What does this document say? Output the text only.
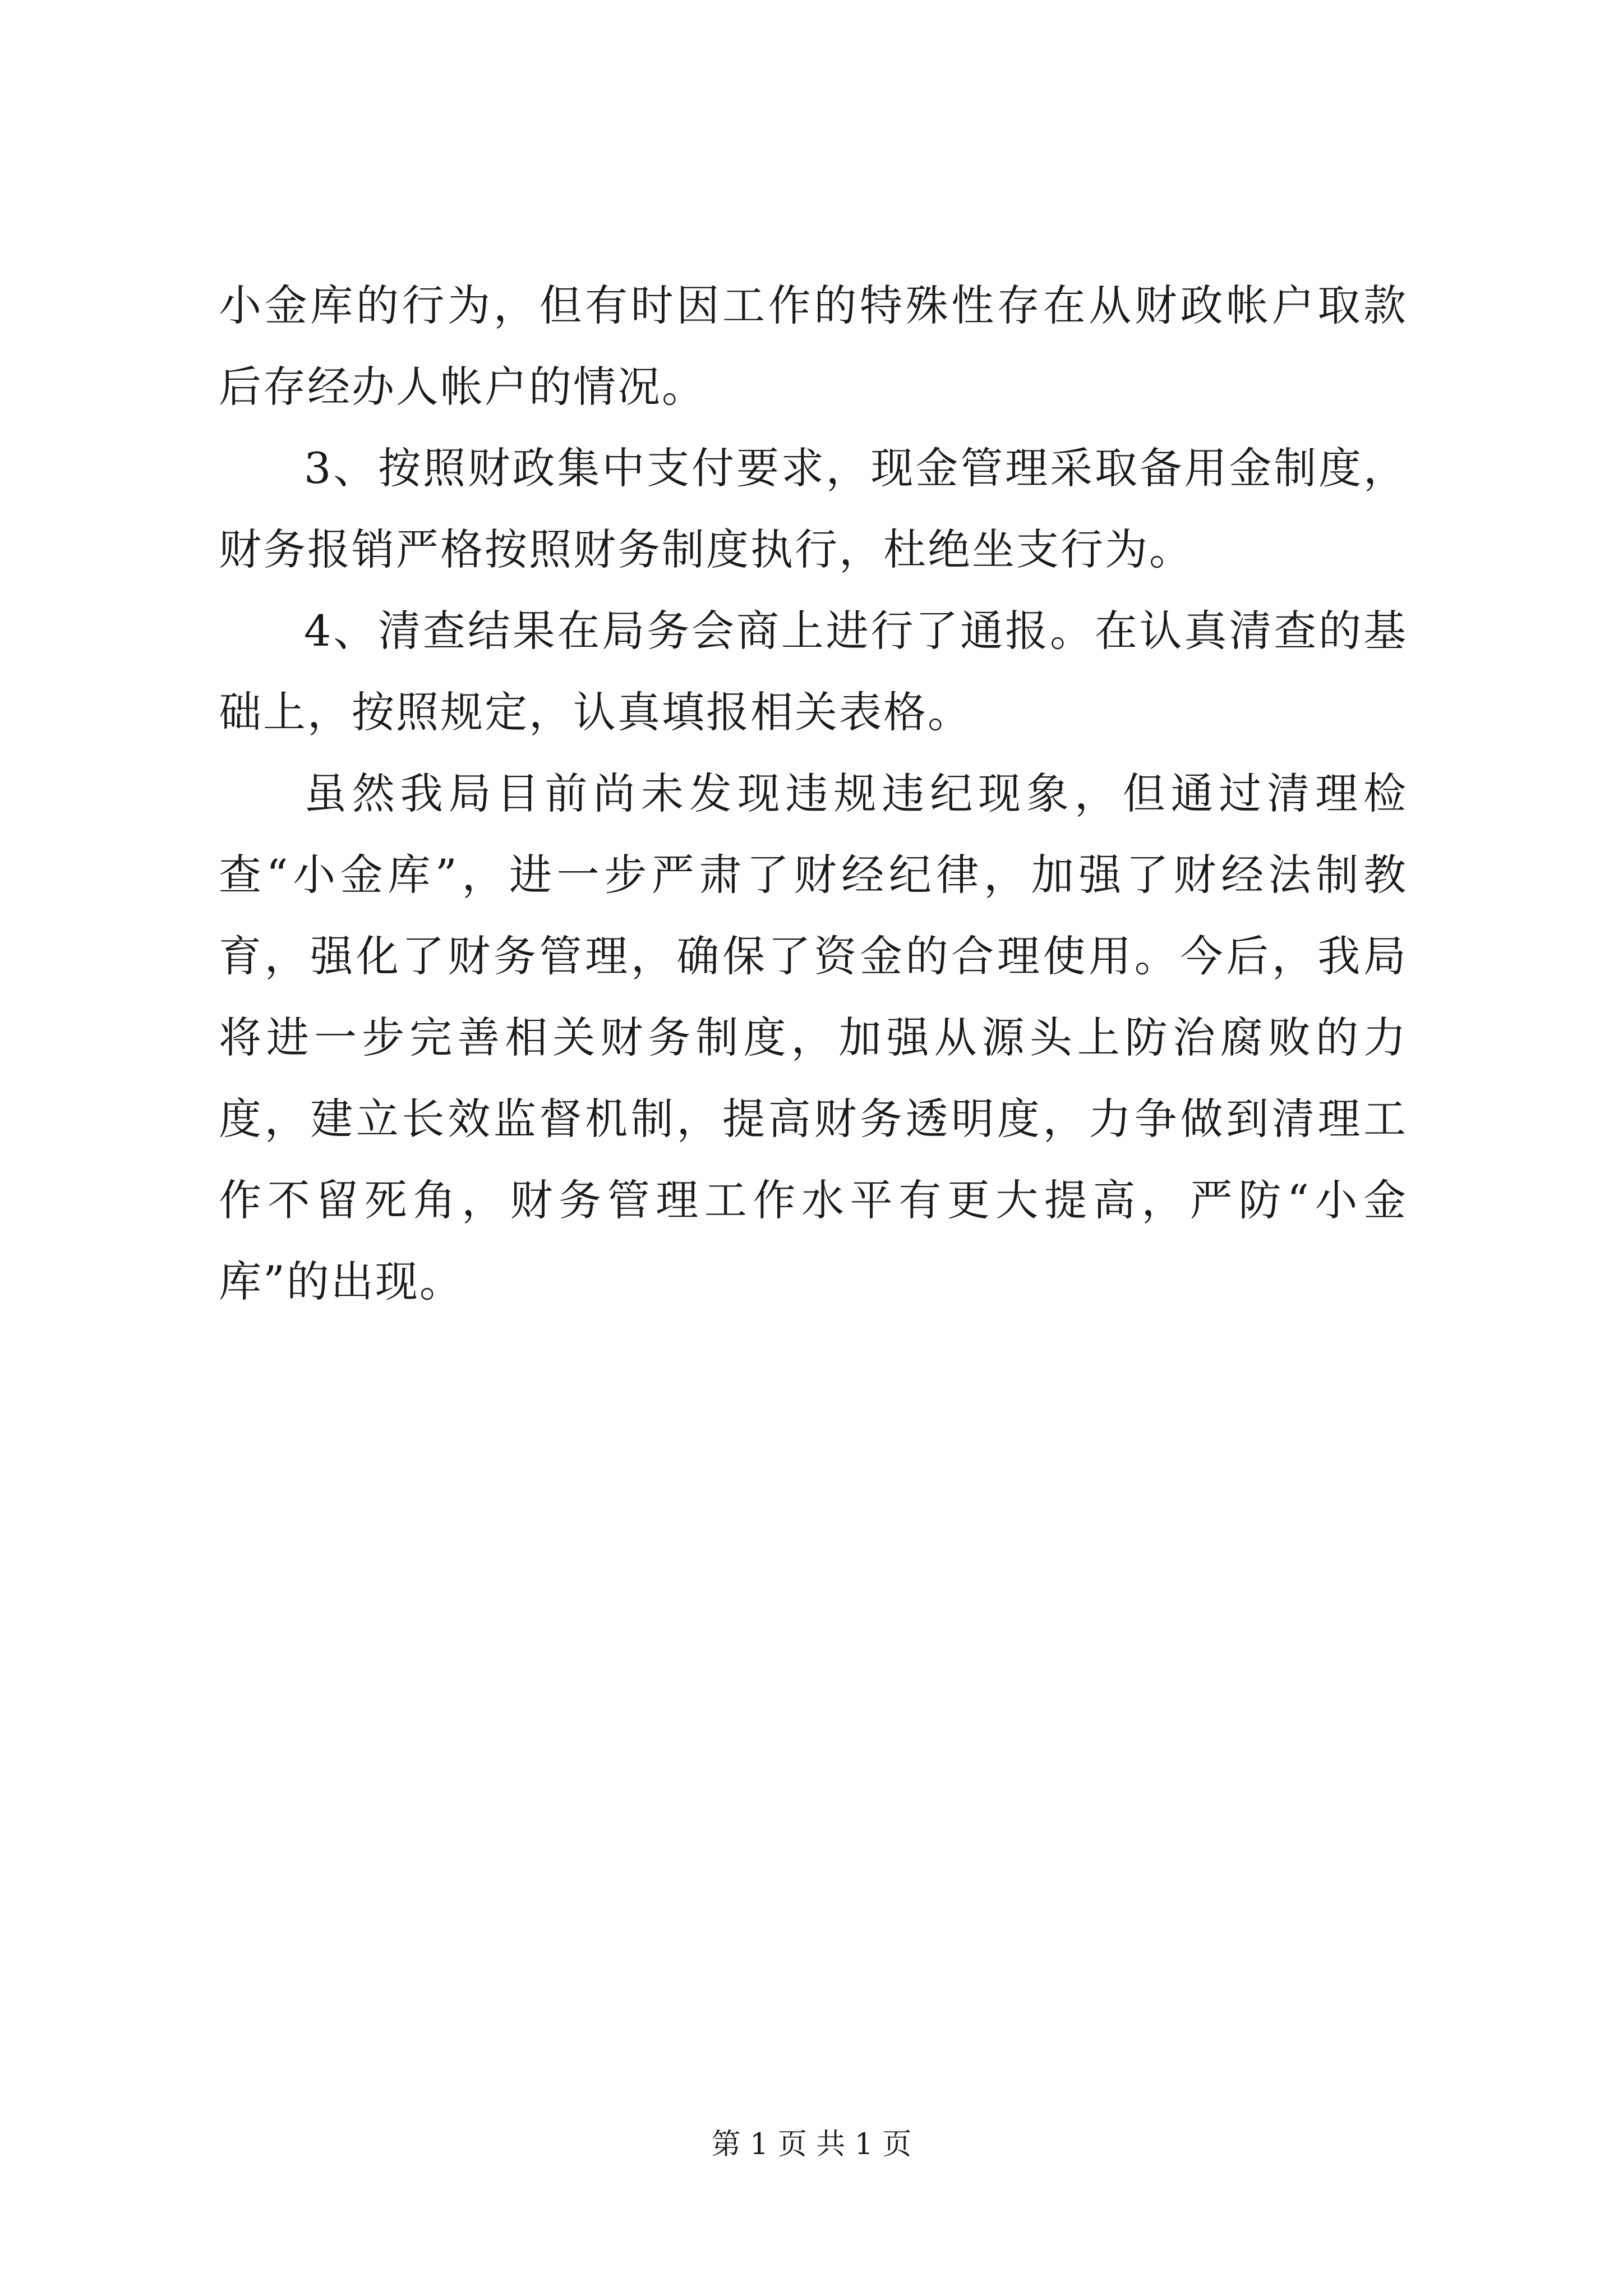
小金库的行为，但有时因工作的特殊性存在从财政帐户取款后存经办人帐户的情况。

3、按照财政集中支付要求，现金管理采取备用金制度，财务报销严格按照财务制度执行，杜绝坐支行为。

4、清查结果在局务会商上进行了通报。在认真清查的基础上，按照规定，认真填报相关表格。

虽然我局目前尚未发现违规违纪现象，但通过清理检查“小金库”，进一步严肃了财经纪律，加强了财经法制教育，强化了财务管理，确保了资金的合理使用。今后，我局将进一步完善相关财务制度，加强从源头上防治腐败的力度，建立长效监督机制，提高财务透明度，力争做到清理工作不留死角，财务管理工作水平有更大提高，严防“小金库”的出现。

第 1 页 共 1 页
